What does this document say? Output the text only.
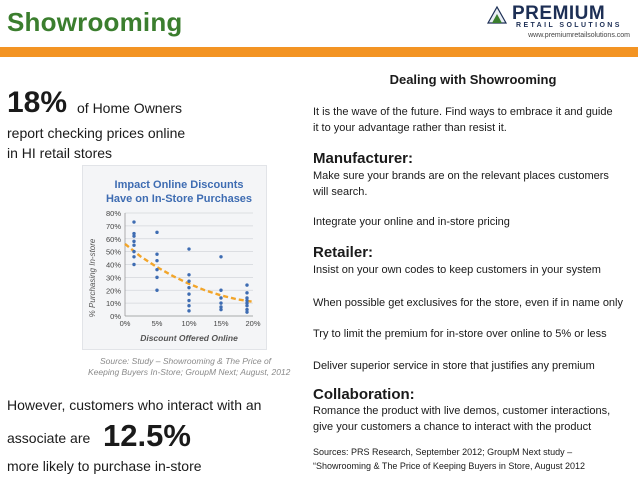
Showrooming	PREMIUM
RETAIL SOLUTIONS
www.premiumretailsolutions.com
18% of Home Owners
report checking prices online
in HI retail stores
Impact Online Discounts
Have on In-Store Purchases
80%
70%
60%
50%
40%
30%
20%
10%
0%
0%	5%	10% 15% 20%
% Purchasing In-store
Discount Offered Online
Source: Study – Showrooming & The Price of
Keeping Buyers In-Store; GroupM Next; August, 2012
However, customers who interact with an
associate are 12.5%
more likely to purchase in-store
Dealing with Showrooming
It is the wave of the future. Find ways to embrace it and guide
it to your advantage rather than resist it.
Manufacturer:
Make sure your brands are on the relevant places customers
will search.
Integrate your online and in-store pricing
Retailer:
Insist on your own codes to keep customers in your system
When possible get exclusives for the store, even if in name only
Try to limit the premium for in-store over online to 5% or less
Deliver superior service in store that justifies any premium
Collaboration:
Romance the product with live demos, customer interactions,
give your customers a chance to interact with the product
Sources: PRS Research, September 2012; GroupM Next study –
“Showrooming & The Price of Keeping Buyers in Store, August 2012
